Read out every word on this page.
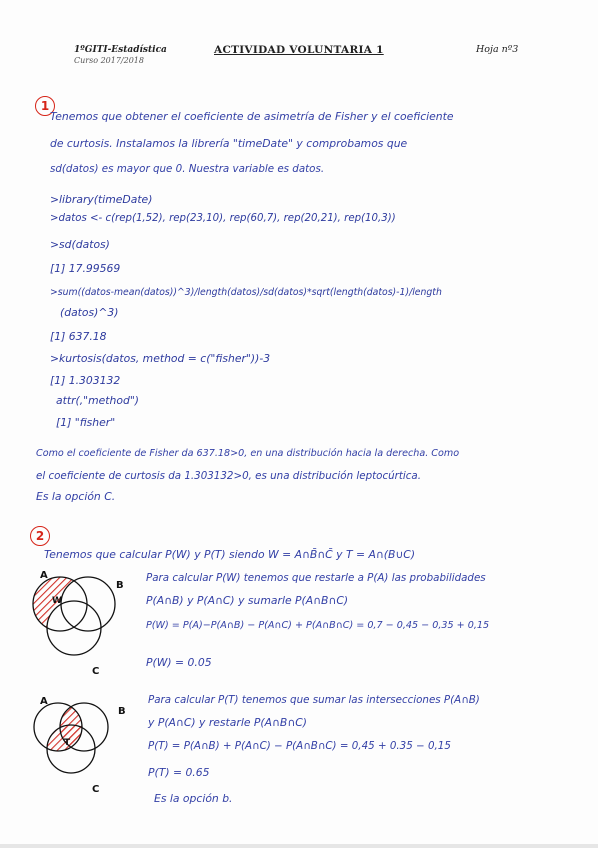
1ºGITI-Estadística
Curso 2017/2018
ACTIVIDAD VOLUNTARIA 1	Hoja nº3
1
Tenemos que obtener el coeficiente de asimetría de Fisher y el coeficiente
de curtosis. Instalamos la librería "timeDate" y comprobamos que
sd(datos) es mayor que 0. Nuestra variable es datos.
>library(timeDate)
>datos <- c(rep(1,52), rep(23,10), rep(60,7), rep(20,21), rep(10,3))
>sd(datos)
[1] 17.99569
>sum((datos-mean(datos))^3)/length(datos)/sd(datos)*sqrt(length(datos)-1)/length
(datos)^3)
[1] 637.18
>kurtosis(datos, method = c("fisher"))-3
[1] 1.303132
attr(,"method")
[1] "fisher"
Como el coeficiente de Fisher da 637.18>0, en una distribución hacia la derecha. Como
el coeficiente de curtosis da 1.303132>0, es una distribución leptocúrtica.
Es la opción C.
2
Tenemos que calcular P(W) y P(T) siendo W = A∩B̄∩C̄ y T = A∩(B∪C)
A
B
C
W
Para calcular P(W) tenemos que restarle a P(A) las probabilidades
P(A∩B) y P(A∩C) y sumarle P(A∩B∩C)
P(W) = P(A)−P(A∩B) − P(A∩C) + P(A∩B∩C) = 0,7 − 0,45 − 0,35 + 0,15
P(W) = 0.05
A
B
C
T
Para calcular P(T) tenemos que sumar las intersecciones P(A∩B)
y P(A∩C) y restarle P(A∩B∩C)
P(T) = P(A∩B) + P(A∩C) − P(A∩B∩C) = 0,45 + 0.35 − 0,15
P(T) = 0.65
Es la opción b.
